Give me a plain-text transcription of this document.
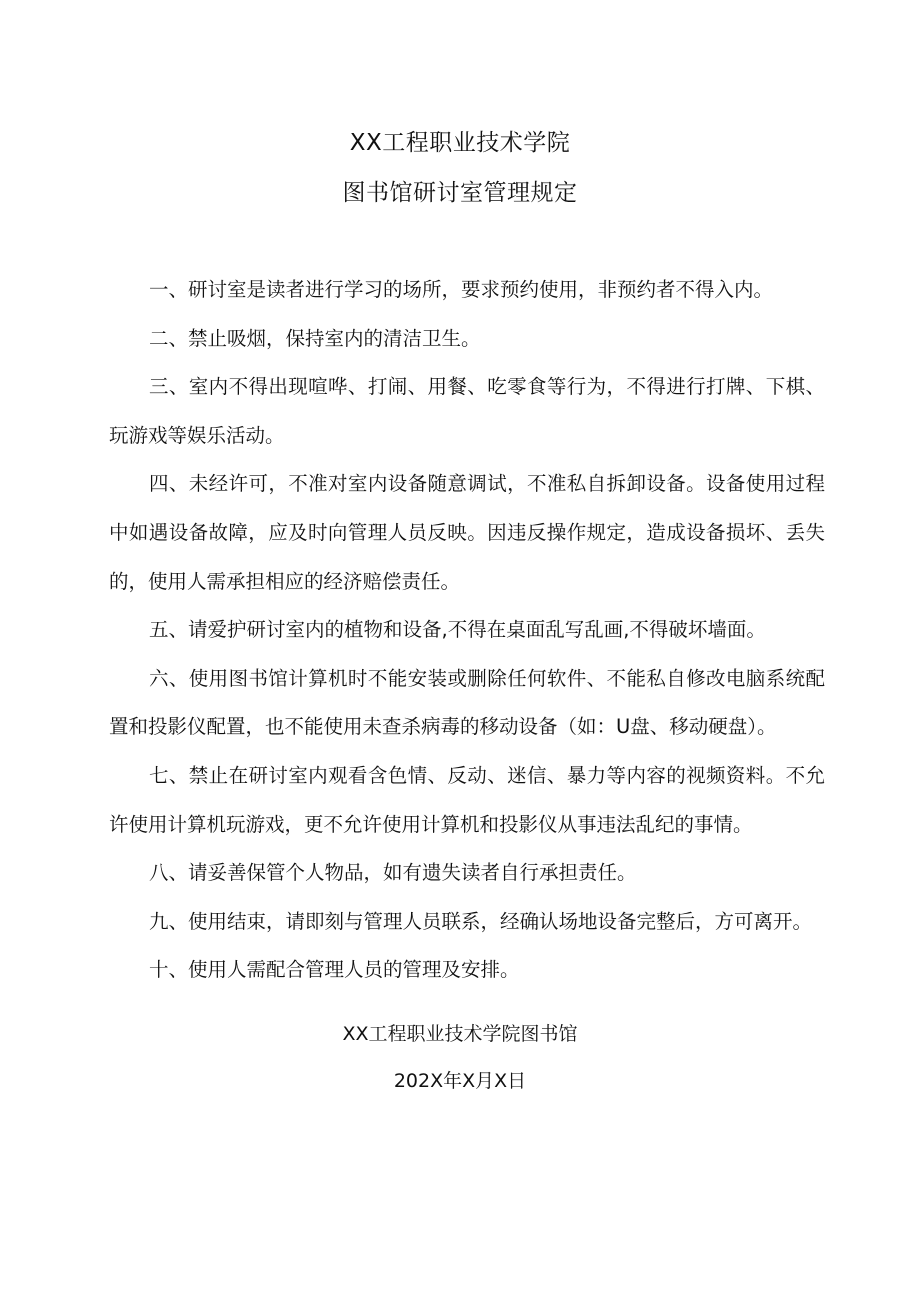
XX工程职业技术学院
图书馆研讨室管理规定

一、研讨室是读者进行学习的场所，要求预约使用，非预约者不得入内。

二、禁止吸烟，保持室内的清洁卫生。

三、室内不得出现喧哗、打闹、用餐、吃零食等行为，不得进行打牌、下棋、玩游戏等娱乐活动。

四、未经许可，不准对室内设备随意调试，不准私自拆卸设备。设备使用过程中如遇设备故障，应及时向管理人员反映。因违反操作规定，造成设备损坏、丢失的，使用人需承担相应的经济赔偿责任。

五、请爱护研讨室内的植物和设备,不得在桌面乱写乱画,不得破坏墙面。

六、使用图书馆计算机时不能安装或删除任何软件、不能私自修改电脑系统配置和投影仪配置，也不能使用未查杀病毒的移动设备（如：U盘、移动硬盘）。

七、禁止在研讨室内观看含色情、反动、迷信、暴力等内容的视频资料。不允许使用计算机玩游戏，更不允许使用计算机和投影仪从事违法乱纪的事情。

八、请妥善保管个人物品，如有遗失读者自行承担责任。

九、使用结束，请即刻与管理人员联系，经确认场地设备完整后，方可离开。

十、使用人需配合管理人员的管理及安排。

XX工程职业技术学院图书馆
202X年X月X日
